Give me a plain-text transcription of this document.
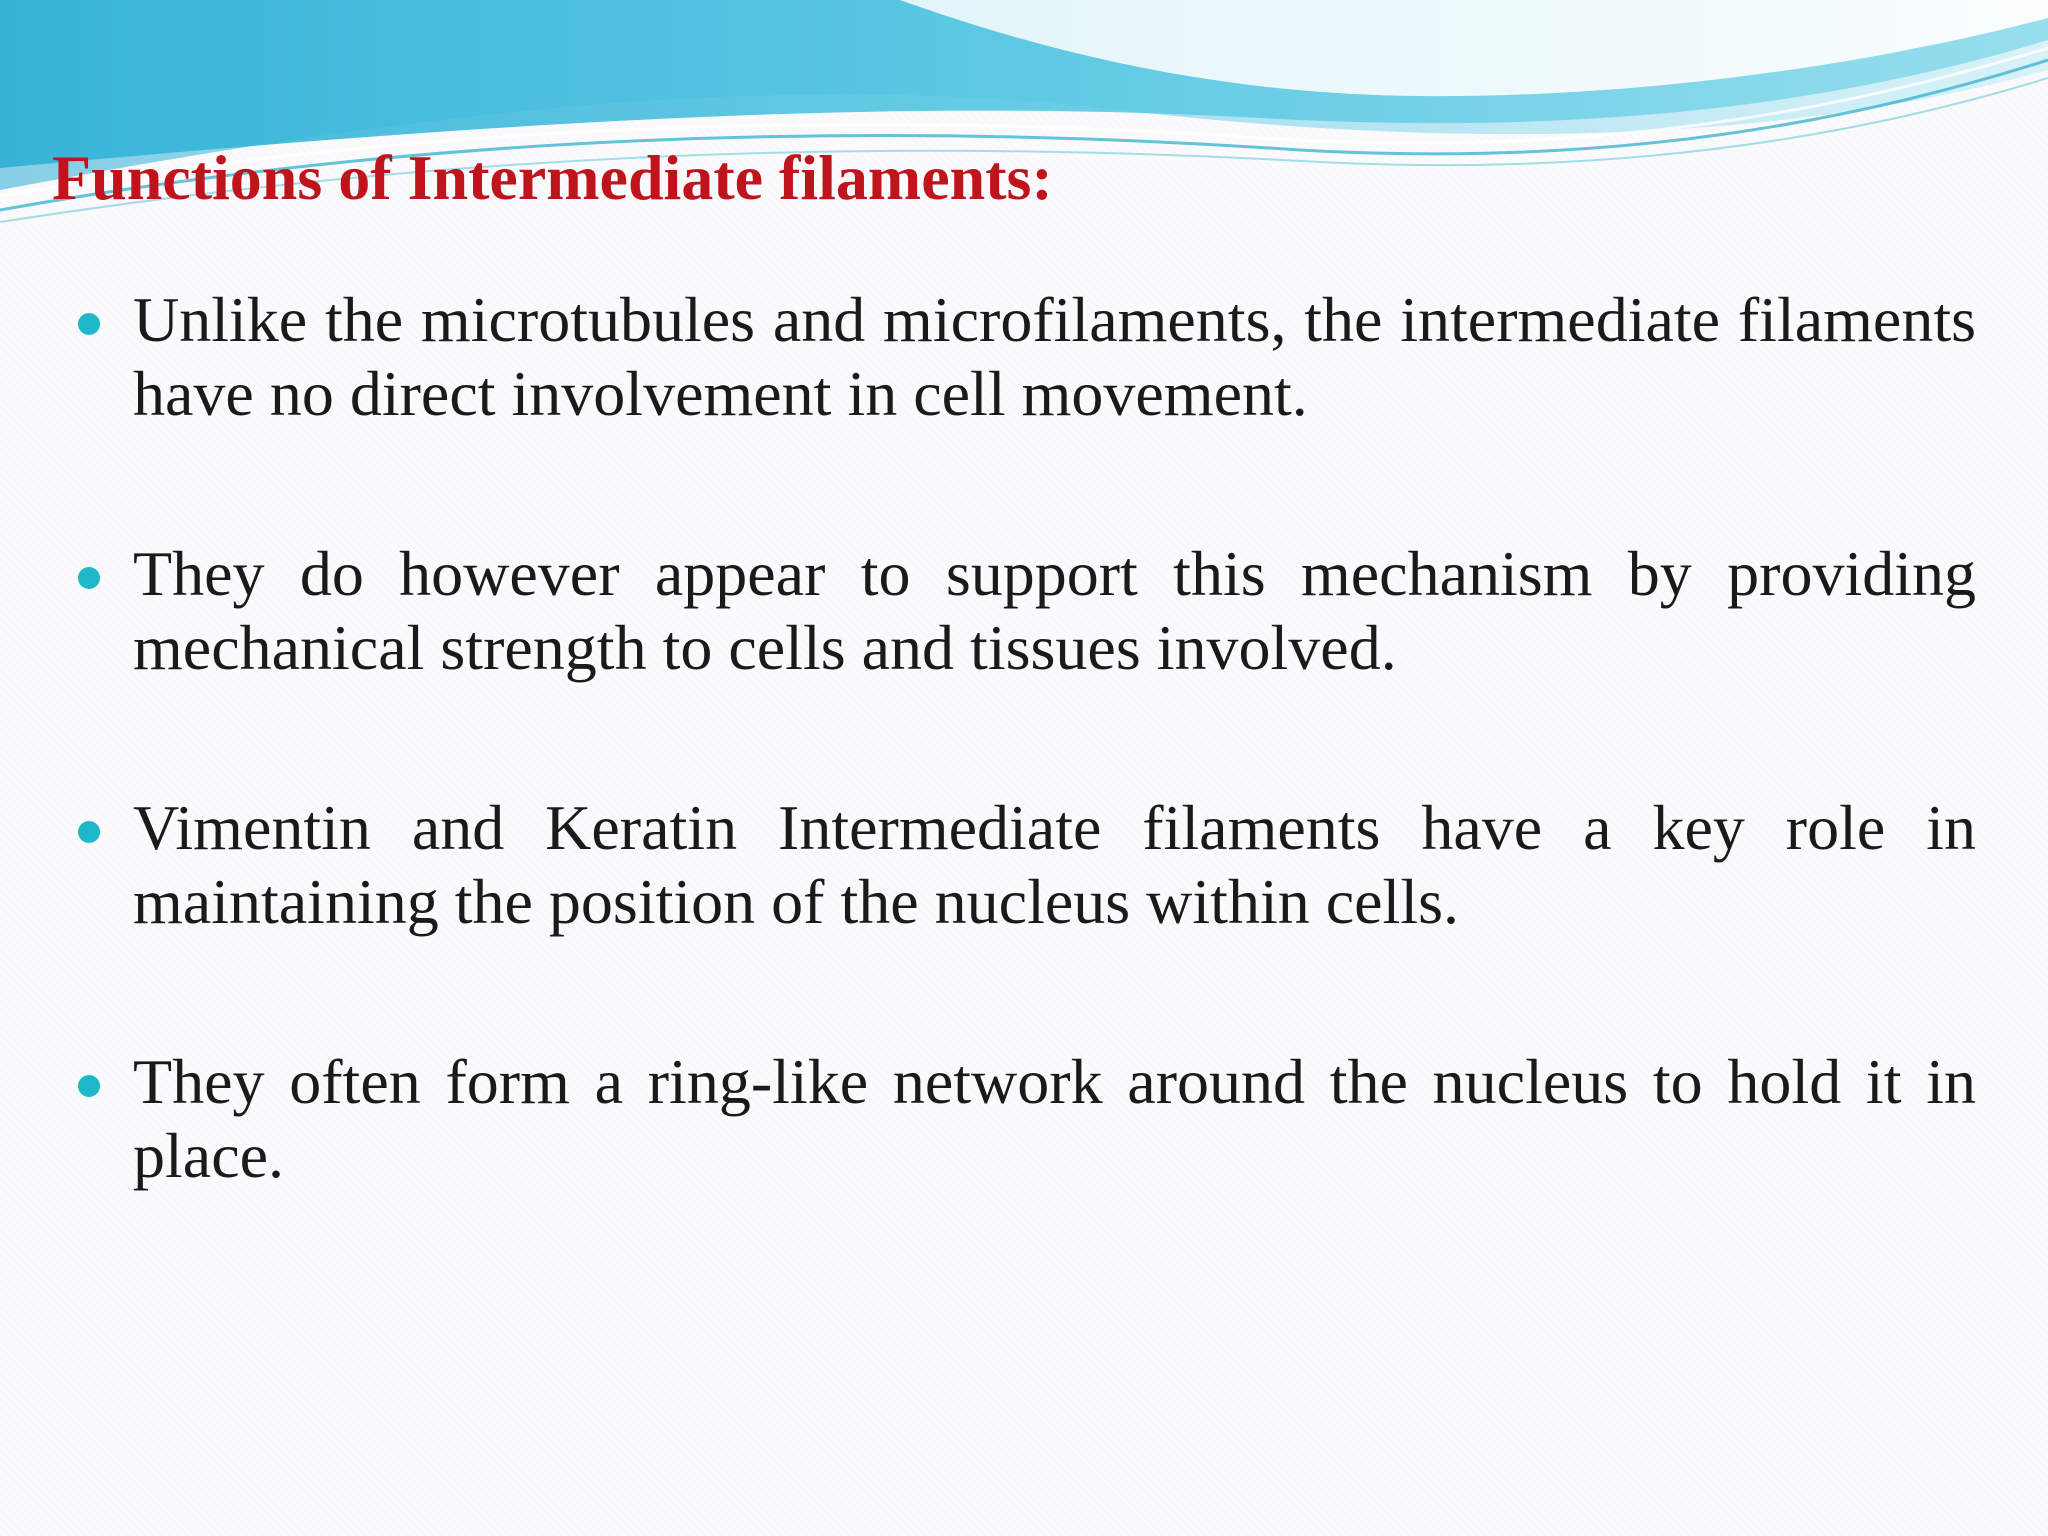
Functions of Intermediate filaments:
Unlike the microtubules and microfilaments, the intermediate filaments have no direct involvement in cell movement.
They do however appear to support this mechanism by providing mechanical strength to cells and tissues involved.
Vimentin and Keratin Intermediate filaments have a key role in maintaining the position of the nucleus within cells.
They often form a ring-like network around the nucleus to hold it in place.
